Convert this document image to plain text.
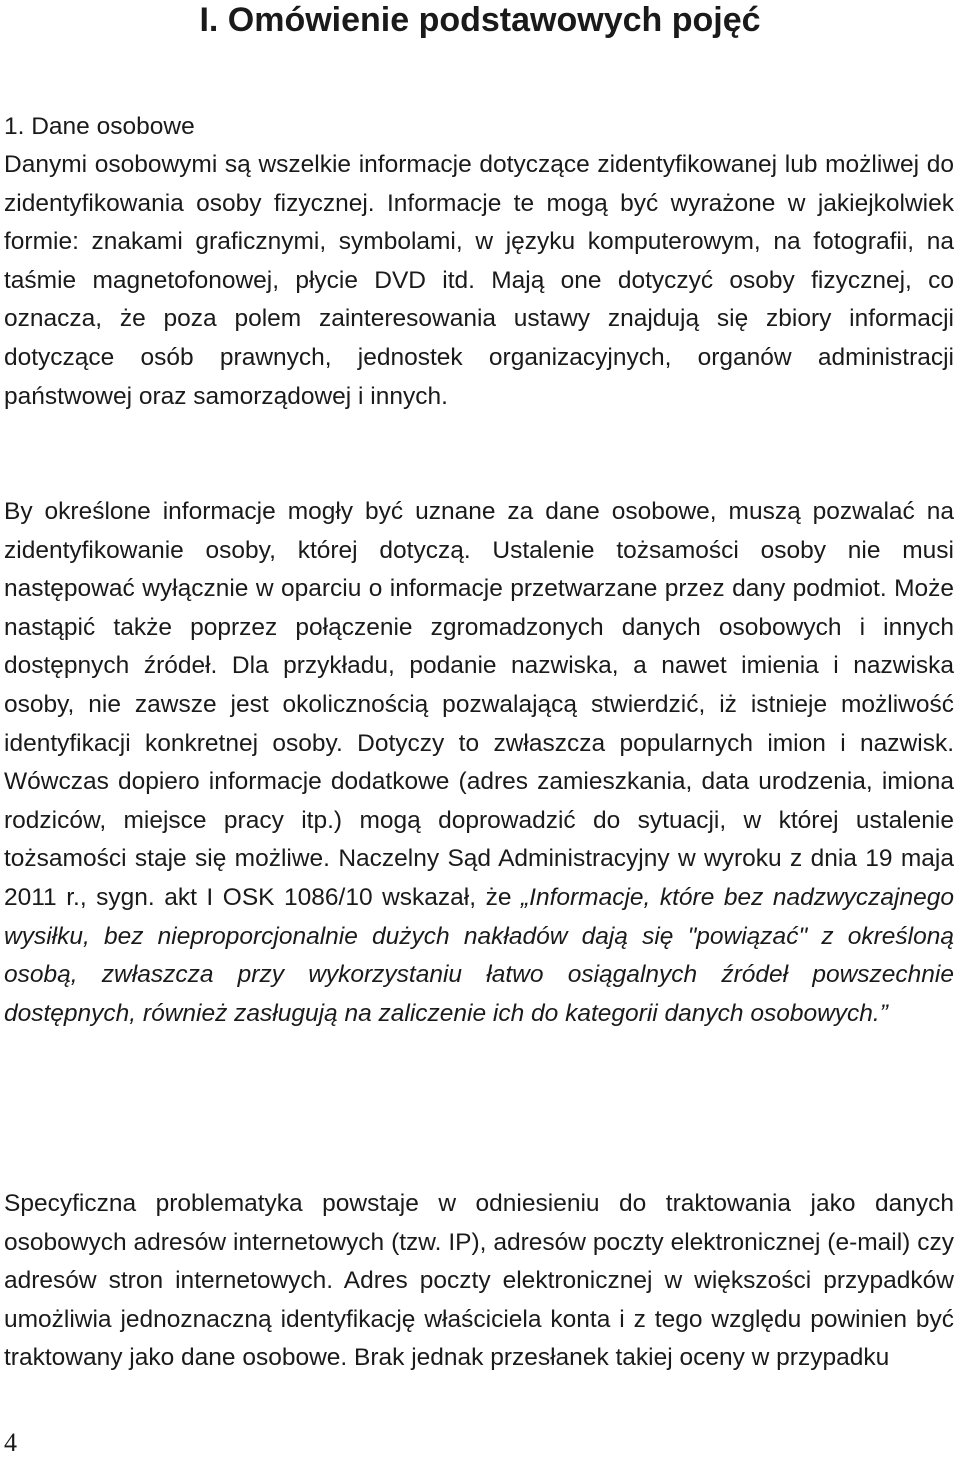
I. Omówienie podstawowych pojęć
1. Dane osobowe
Danymi osobowymi są wszelkie informacje dotyczące zidentyfikowanej lub możliwej do zidentyfikowania osoby fizycznej. Informacje te mogą być wyrażone w jakiejkolwiek formie: znakami graficznymi, symbolami, w języku komputerowym, na fotografii, na taśmie magnetofonowej, płycie DVD itd. Mają one dotyczyć osoby fizycznej, co oznacza, że poza polem zainteresowania ustawy znajdują się zbiory informacji dotyczące osób prawnych, jednostek organizacyjnych, organów administracji państwowej oraz samorządowej i innych.
By określone informacje mogły być uznane za dane osobowe, muszą pozwalać na zidentyfikowanie osoby, której dotyczą. Ustalenie tożsamości osoby nie musi następować wyłącznie w oparciu o informacje przetwarzane przez dany podmiot. Może nastąpić także poprzez połączenie zgromadzonych danych osobowych i innych dostępnych źródeł. Dla przykładu, podanie nazwiska, a nawet imienia i nazwiska osoby, nie zawsze jest okolicznością pozwalającą stwierdzić, iż istnieje możliwość identyfikacji konkretnej osoby. Dotyczy to zwłaszcza popularnych imion i nazwisk. Wówczas dopiero informacje dodatkowe (adres zamieszkania, data urodzenia, imiona rodziców, miejsce pracy itp.) mogą doprowadzić do sytuacji, w której ustalenie tożsamości staje się możliwe. Naczelny Sąd Administracyjny w wyroku z dnia 19 maja 2011 r., sygn. akt I OSK 1086/10 wskazał, że „Informacje, które bez nadzwyczajnego wysiłku, bez nieproporcjonalnie dużych nakładów dają się "powiązać" z określoną osobą, zwłaszcza przy wykorzystaniu łatwo osiągalnych źródeł powszechnie dostępnych, również zasługują na zaliczenie ich do kategorii danych osobowych.”
Specyficzna problematyka powstaje w odniesieniu do traktowania jako danych osobowych adresów internetowych (tzw. IP), adresów poczty elektronicznej (e-mail) czy adresów stron internetowych. Adres poczty elektronicznej w większości przypadków umożliwia jednoznaczną identyfikację właściciela konta i z tego względu powinien być traktowany jako dane osobowe. Brak jednak przesłanek takiej oceny w przypadku
4
